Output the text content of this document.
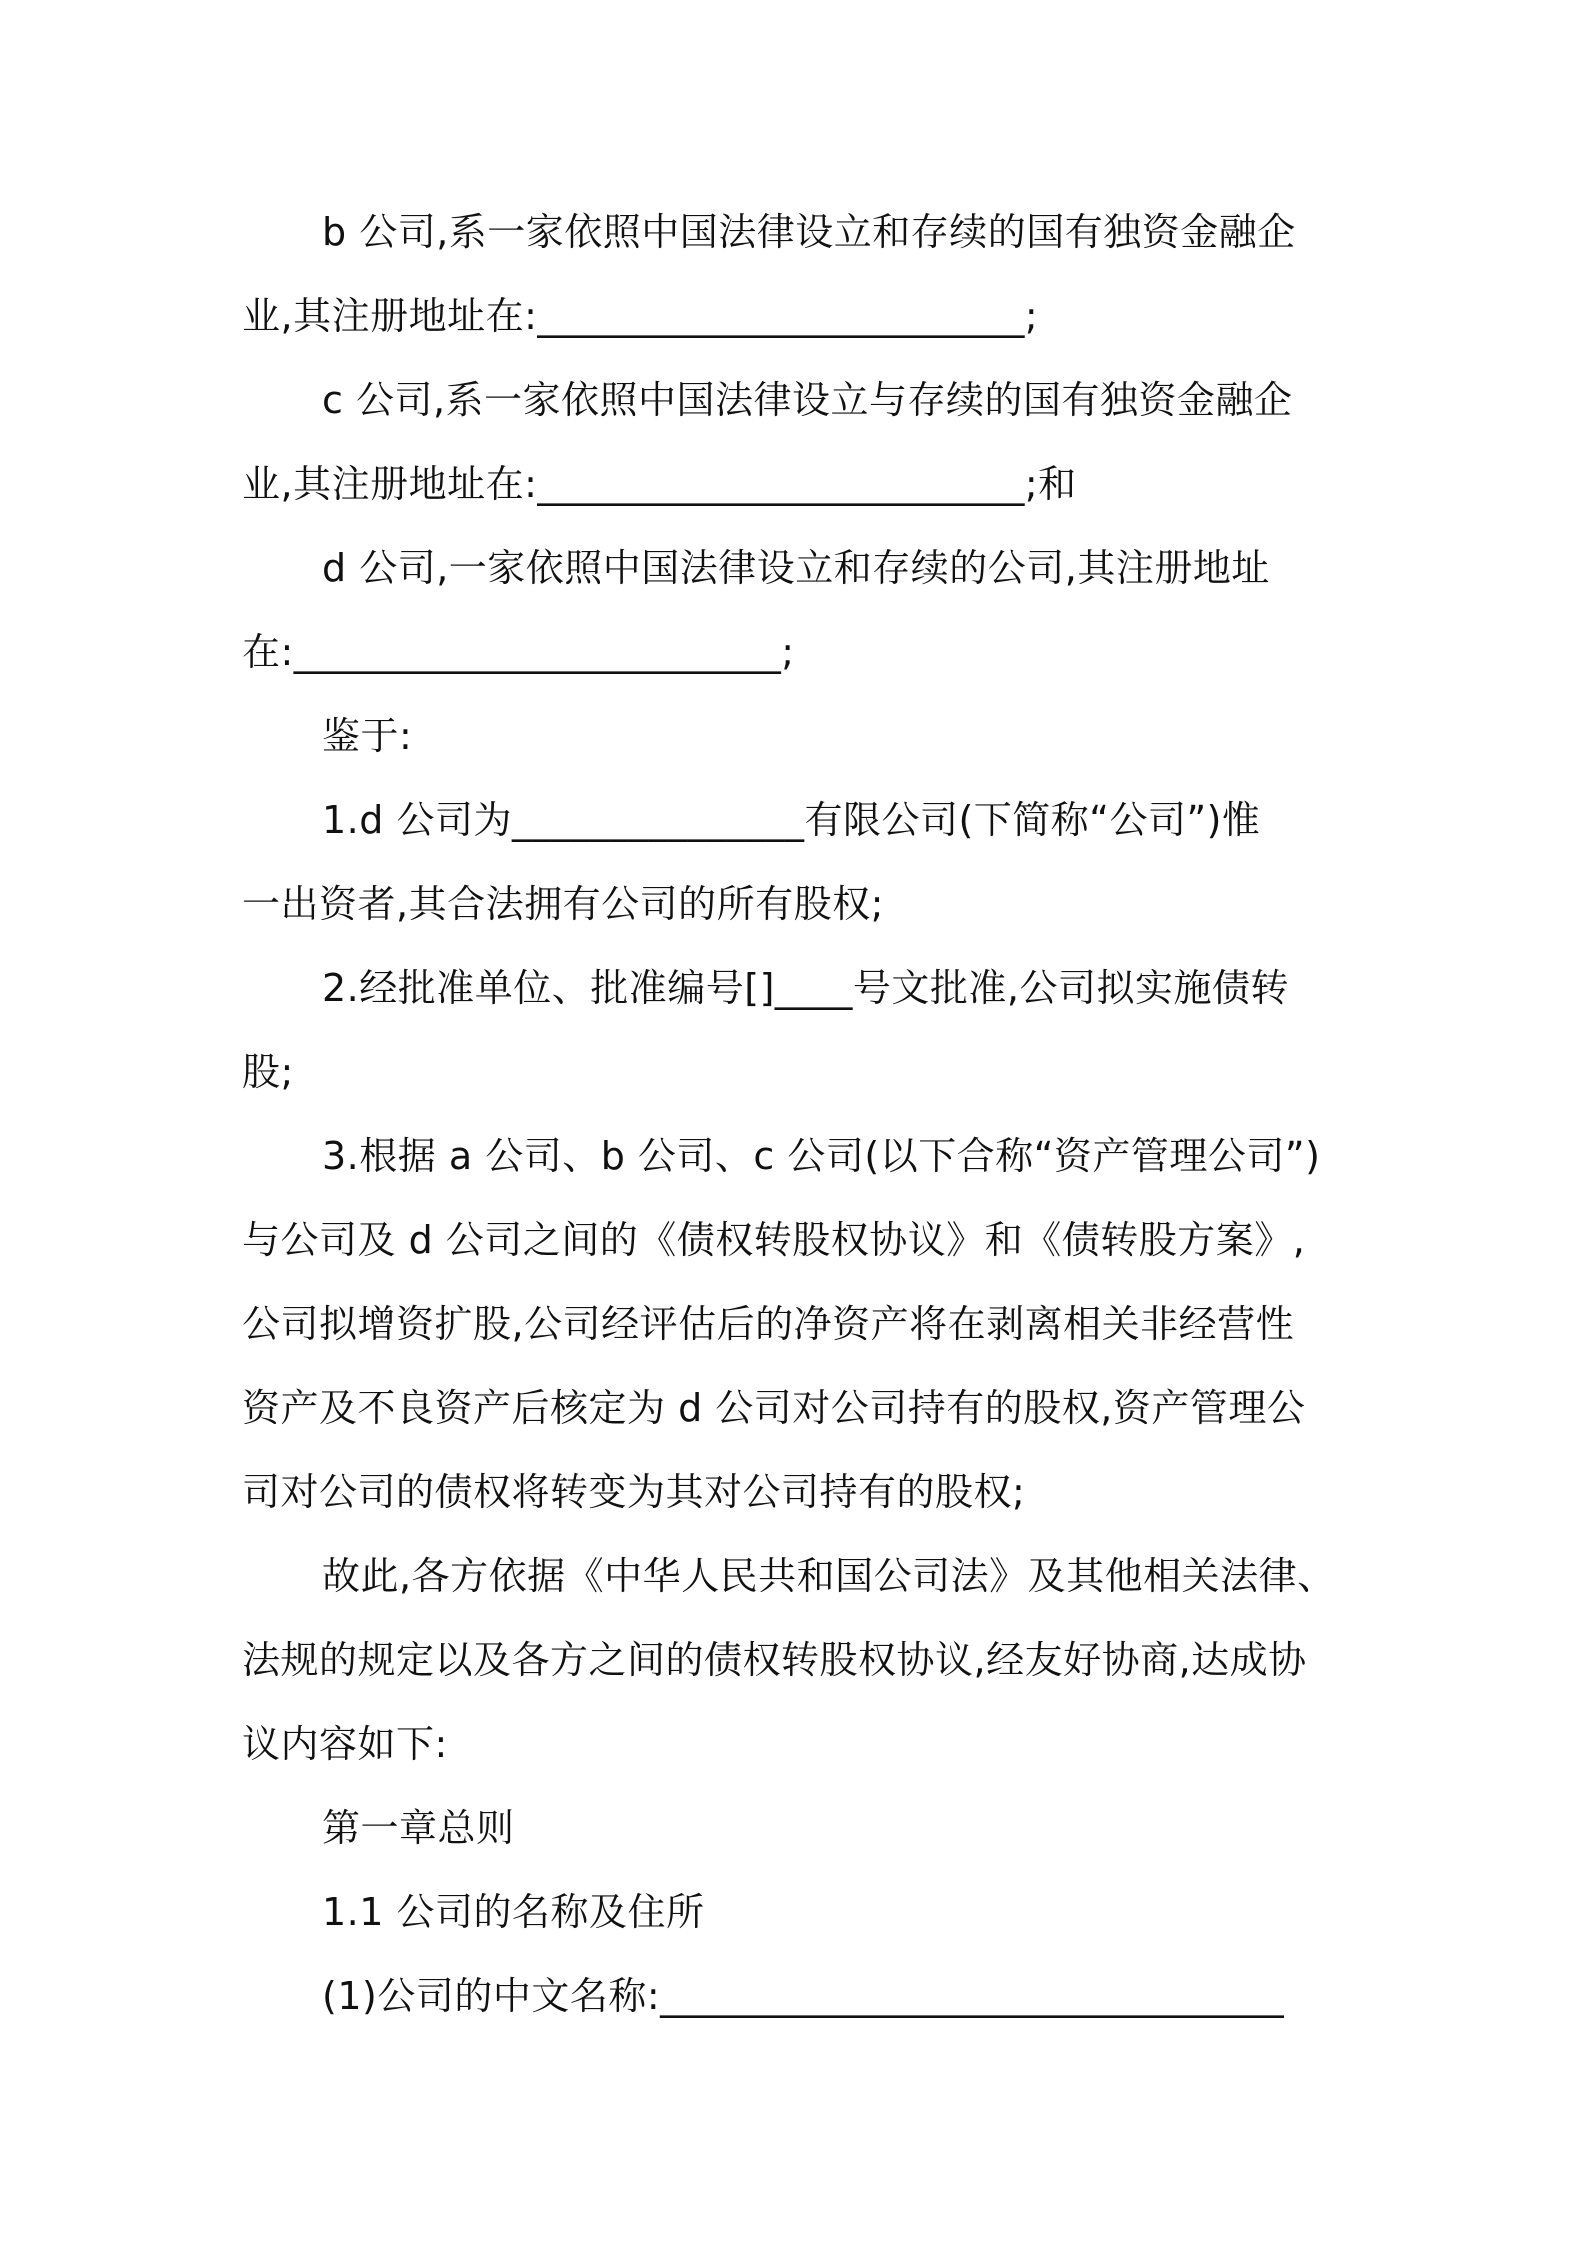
b 公司,系一家依照中国法律设立和存续的国有独资金融企
业,其注册地址在:_________________________;
c 公司,系一家依照中国法律设立与存续的国有独资金融企
业,其注册地址在:_________________________;和
d 公司,一家依照中国法律设立和存续的公司,其注册地址
在:_________________________;
鉴于:
1.d 公司为_______________有限公司(下简称“公司”)惟
一出资者,其合法拥有公司的所有股权;
2.经批准单位、批准编号[]____号文批准,公司拟实施债转
股;
3.根据 a 公司、b 公司、c 公司(以下合称“资产管理公司”)
与公司及 d 公司之间的《债权转股权协议》和《债转股方案》,
公司拟增资扩股,公司经评估后的净资产将在剥离相关非经营性
资产及不良资产后核定为 d 公司对公司持有的股权,资产管理公
司对公司的债权将转变为其对公司持有的股权;
故此,各方依据《中华人民共和国公司法》及其他相关法律、
法规的规定以及各方之间的债权转股权协议,经友好协商,达成协
议内容如下:
第一章总则
1.1 公司的名称及住所
(1)公司的中文名称:________________________________
